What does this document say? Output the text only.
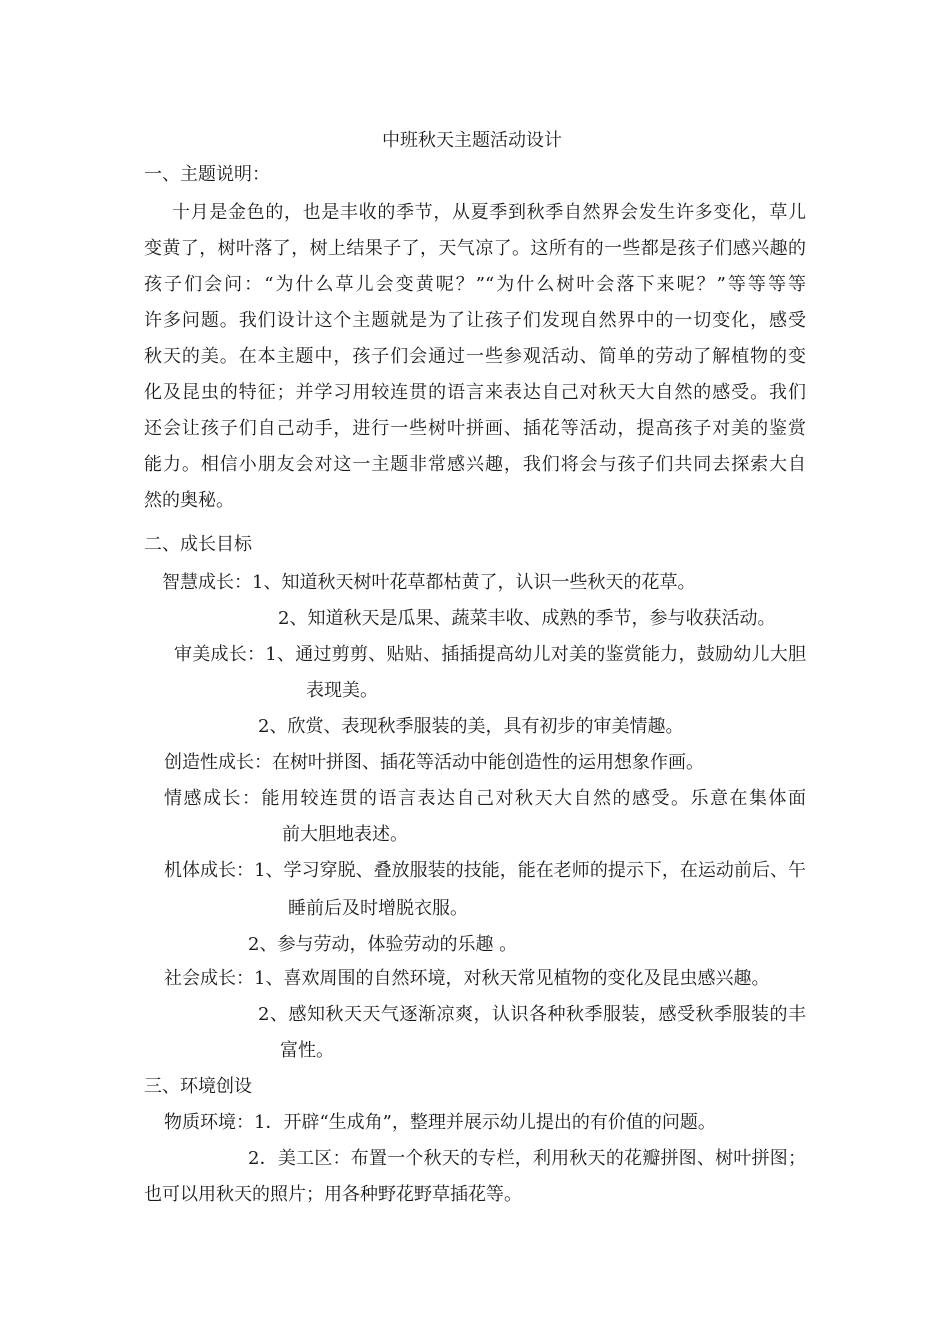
中班秋天主题活动设计
一、主题说明：
十月是金色的，也是丰收的季节，从夏季到秋季自然界会发生许多变化，草儿
变黄了，树叶落了，树上结果子了，天气凉了。这所有的一些都是孩子们感兴趣的
孩子们会问：“为什么草儿会变黄呢？”“为什么树叶会落下来呢？”等等等等
许多问题。我们设计这个主题就是为了让孩子们发现自然界中的一切变化，感受
秋天的美。在本主题中，孩子们会通过一些参观活动、简单的劳动了解植物的变
化及昆虫的特征；并学习用较连贯的语言来表达自己对秋天大自然的感受。我们
还会让孩子们自己动手，进行一些树叶拼画、插花等活动，提高孩子对美的鉴赏
能力。相信小朋友会对这一主题非常感兴趣，我们将会与孩子们共同去探索大自
然的奥秘。
二、成长目标
智慧成长：1、知道秋天树叶花草都枯黄了，认识一些秋天的花草。
2、知道秋天是瓜果、蔬菜丰收、成熟的季节，参与收获活动。
审美成长：1、通过剪剪、贴贴、插插提高幼儿对美的鉴赏能力，鼓励幼儿大胆
表现美。
2、欣赏、表现秋季服装的美，具有初步的审美情趣。
创造性成长：在树叶拼图、插花等活动中能创造性的运用想象作画。
情感成长：能用较连贯的语言表达自己对秋天大自然的感受。乐意在集体面
前大胆地表述。
机体成长：1、学习穿脱、叠放服装的技能，能在老师的提示下，在运动前后、午
睡前后及时增脱衣服。
2、参与劳动，体验劳动的乐趣 。
社会成长：1、喜欢周围的自然环境，对秋天常见植物的变化及昆虫感兴趣。
2、感知秋天天气逐渐凉爽，认识各种秋季服装，感受秋季服装的丰
富性。
三、环境创设
物质环境：1．开辟“生成角”，整理并展示幼儿提出的有价值的问题。
2．美工区：布置一个秋天的专栏，利用秋天的花瓣拼图、树叶拼图；
也可以用秋天的照片；用各种野花野草插花等。
